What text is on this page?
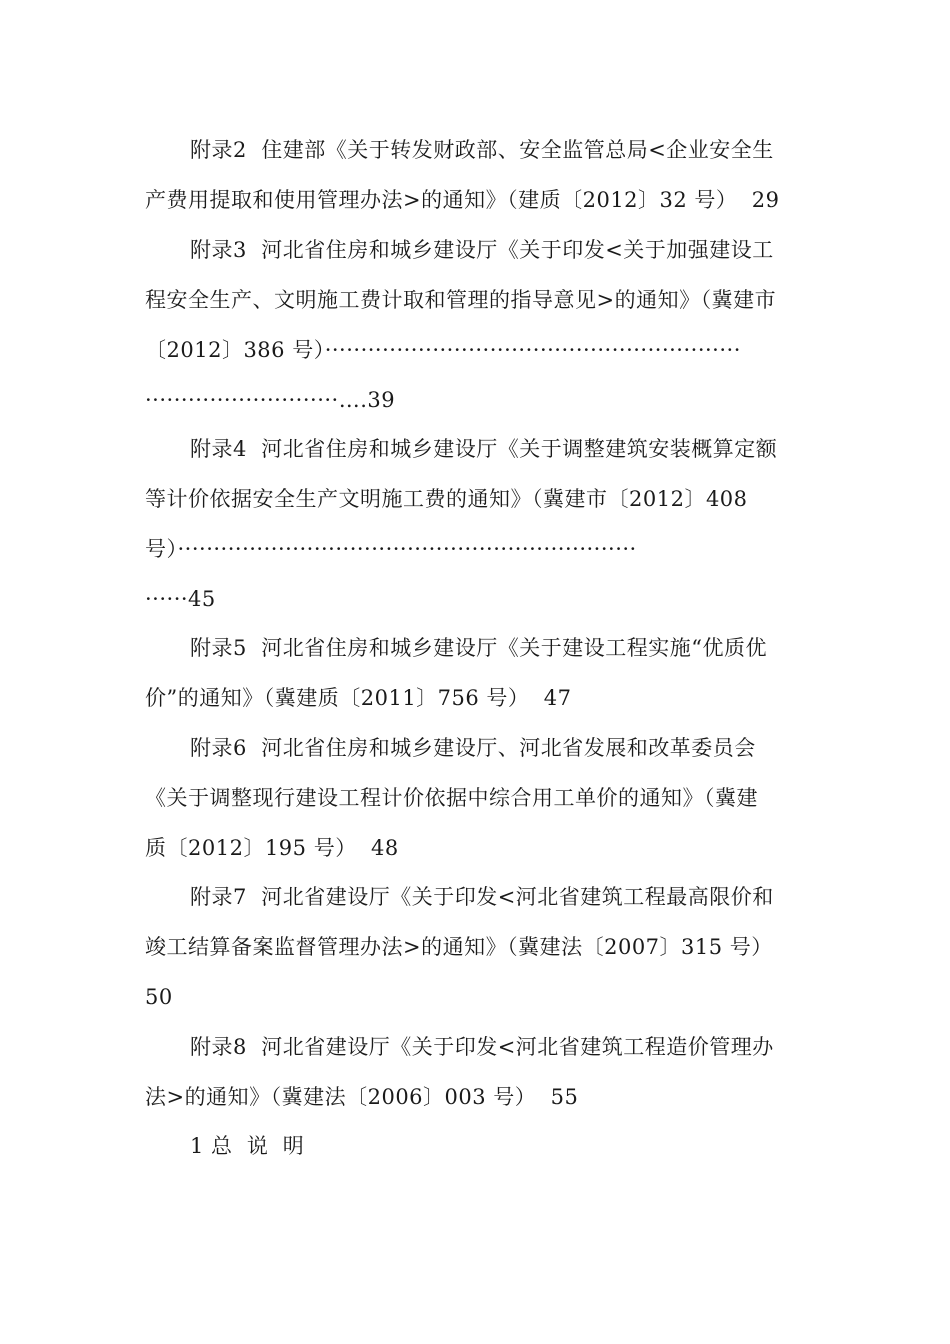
附录2  住建部《关于转发财政部、安全监管总局<企业安全生
产费用提取和使用管理办法>的通知》（建质〔2012〕32 号）  29
附录3  河北省住房和城乡建设厅《关于印发<关于加强建设工
程安全生产、文明施工费计取和管理的指导意见>的通知》（冀建市
〔2012〕386 号）··························································
···························….39
附录4  河北省住房和城乡建设厅《关于调整建筑安装概算定额
等计价依据安全生产文明施工费的通知》（冀建市〔2012〕408
号）································································
······45
附录5  河北省住房和城乡建设厅《关于建设工程实施“优质优
价”的通知》（冀建质〔2011〕756 号）  47
附录6  河北省住房和城乡建设厅、河北省发展和改革委员会
《关于调整现行建设工程计价依据中综合用工单价的通知》（冀建
质〔2012〕195 号）  48
附录7  河北省建设厅《关于印发<河北省建筑工程最高限价和
竣工结算备案监督管理办法>的通知》（冀建法〔2007〕315 号）
50
附录8  河北省建设厅《关于印发<河北省建筑工程造价管理办
法>的通知》（冀建法〔2006〕003 号）  55
1 总  说  明
